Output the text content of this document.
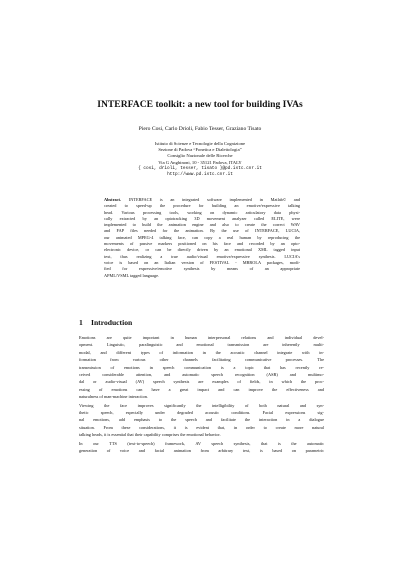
INTERFACE toolkit: a new tool for building IVAs
Piero Cosi, Carlo Drioli, Fabio Tesser, Graziano Tisato
Istituto di Scienze e Tecnologie della Cognizione
Sezione di Padova “Fonetica e Dialettologia”
Consiglio Nazionale delle Ricerche
Via G Anghinoni, 10 - 35121 Padova, ITALY
{ cosi, drioli, tesser, tisato }@pd.istc.cnr.it
http://www.pd.istc.cnr.it
Abstract. INTERFACE is an integrated software implemented in Matlab© and
created to speed-up the procedure for building an emotive/expressive talking
head. Various processing tools, working on dynamic articulatory data physi-
cally extracted by an optotracking 3D movement analyzer called ELITE, were
implemented to build the animation engine and also to create the correct WAV
and FAP files needed for the animation. By the use of INTERFACE, LUCIA,
our animated MPEG-4 talking face, can copy a real human by reproducing the
movements of passive markers positioned on his face and recorded by an opto-
electronic device, or can be directly driven by an emotional XML tagged input
text, thus realizing a true audio/visual emotive/expressive synthesis. LUCIA's
voice is based on an Italian version of FESTIVAL - MBROLA packages, modi-
fied for expressive/emotive synthesis by means of an appropriate
APML/VSML tagged language.
1 Introduction

Emotions are quite important in human interpersonal relations and individual devel-
opment. Linguistic, paralinguistic and emotional transmission are inherently multi-
modal, and different types of information in the acoustic channel integrate with in-
formation from various other channels facilitating communicative processes. The
transmission of emotions in speech communication is a topic that has recently re-
ceived considerable attention, and automatic speech recognition (ASR) and multimo-
dal or audio-visual (AV) speech synthesis are examples of fields, in which the proc-
essing of emotions can have a great impact and can improve the effectiveness and
naturalness of man-machine interaction.

Viewing the face improves significantly the intelligibility of both natural and syn-
thetic speech, especially under degraded acoustic conditions. Facial expressions sig-
nal emotions, add emphasis to the speech and facilitate the interaction in a dialogue
situation. From these considerations, it is evident that, in order to create more natural
talking heads, it is essential that their capability comprises the emotional behavior.

In our TTS (text-to-speech) framework, AV speech synthesis, that is the automatic
generation of voice and facial animation from arbitrary text, is based on parametric
